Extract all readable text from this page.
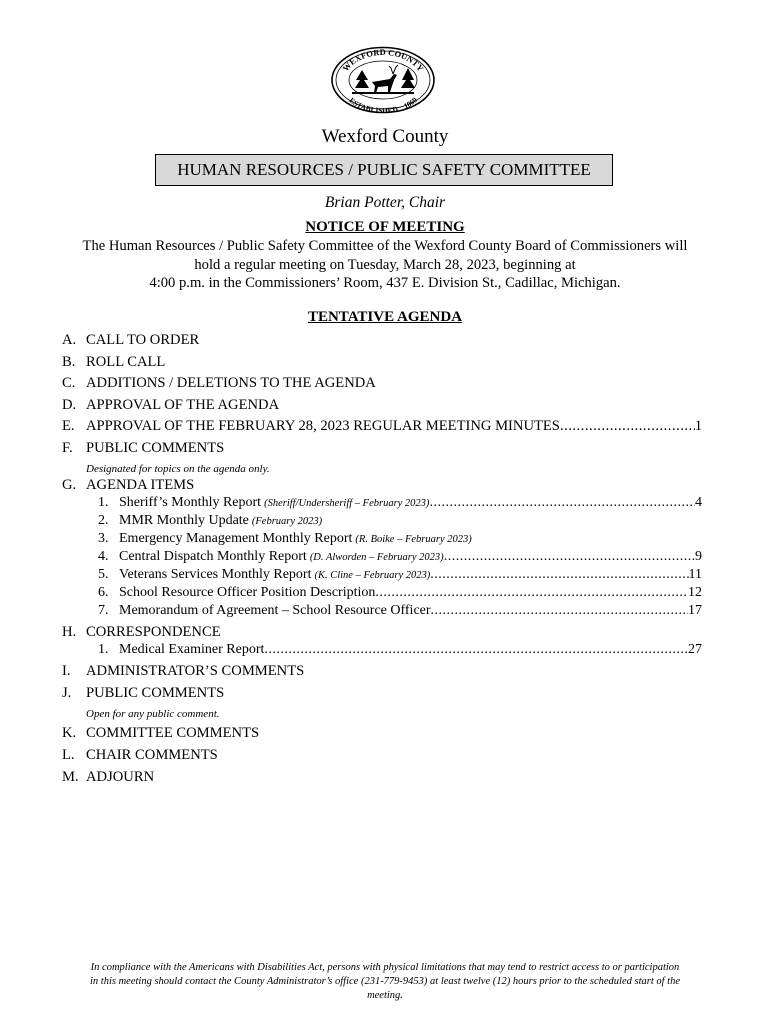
WEXFORD COUNTY
ESTABLISHED 1869
Wexford County
HUMAN RESOURCES / PUBLIC SAFETY COMMITTEE
Brian Potter, Chair
NOTICE OF MEETING
The Human Resources / Public Safety Committee of the Wexford County Board of Commissioners will
hold a regular meeting on Tuesday, March 28, 2023, beginning at
4:00 p.m. in the Commissioners’ Room, 437 E. Division St., Cadillac, Michigan.
TENTATIVE AGENDA
A. CALL TO ORDER
B. ROLL CALL
C. ADDITIONS / DELETIONS TO THE AGENDA
D. APPROVAL OF THE AGENDA
E. APPROVAL OF THE FEBRUARY 28, 2023 REGULAR MEETING MINUTES .....	1
F. PUBLIC COMMENTS
Designated for topics on the agenda only.
G. AGENDA ITEMS
1. Sheriff’s Monthly Report (Sheriff/Undersheriff – February 2023) .....	4
2. MMR Monthly Update (February 2023)
3. Emergency Management Monthly Report (R. Boike – February 2023)
4. Central Dispatch Monthly Report (D. Alworden – February 2023) .....	9
5. Veterans Services Monthly Report (K. Cline – February 2023) .....	11
6. School Resource Officer Position Description .....	12
7. Memorandum of Agreement – School Resource Officer .....	17
H. CORRESPONDENCE
1. Medical Examiner Report .....	27
I.	ADMINISTRATOR’S COMMENTS
J.	PUBLIC COMMENTS
Open for any public comment.
K. COMMITTEE COMMENTS
L. CHAIR COMMENTS
M. ADJOURN
In compliance with the Americans with Disabilities Act, persons with physical limitations that may tend to restrict access to or participation
in this meeting should contact the County Administrator’s office (231-779-9453) at least twelve (12) hours prior to the scheduled start of the
meeting.
